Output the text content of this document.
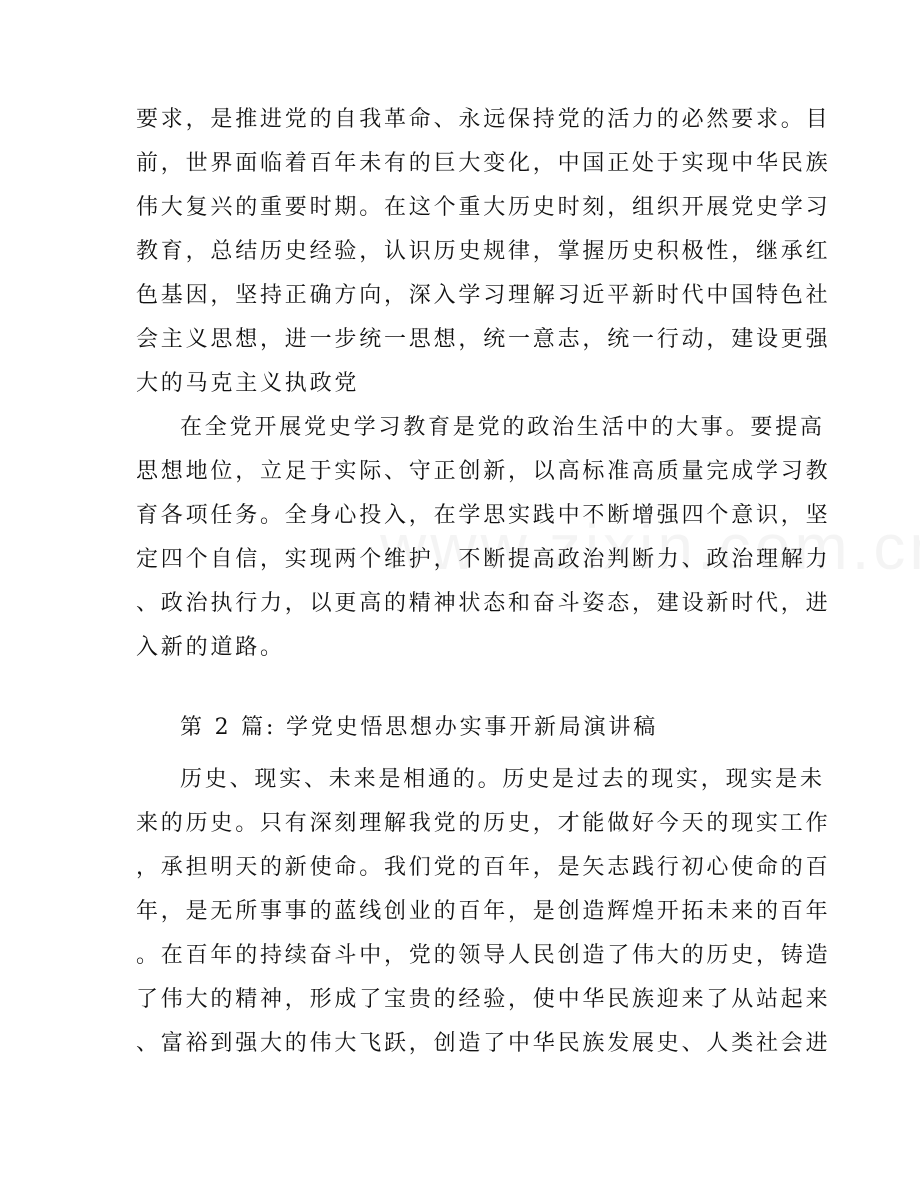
要求，是推进党的自我革命、永远保持党的活力的必然要求。目
前，世界面临着百年未有的巨大变化，中国正处于实现中华民族
伟大复兴的重要时期。在这个重大历史时刻，组织开展党史学习
教育，总结历史经验，认识历史规律，掌握历史积极性，继承红
色基因，坚持正确方向，深入学习理解习近平新时代中国特色社
会主义思想，进一步统一思想，统一意志，统一行动，建设更强
大的马克主义执政党
在全党开展党史学习教育是党的政治生活中的大事。要提高
思想地位，立足于实际、守正创新，以高标准高质量完成学习教
育各项任务。全身心投入，在学思实践中不断增强四个意识，坚
定四个自信，实现两个维护，不断提高政治判断力、政治理解力
、政治执行力，以更高的精神状态和奋斗姿态，建设新时代，进
入新的道路。
第 2 篇: 学党史悟思想办实事开新局演讲稿
历史、现实、未来是相通的。历史是过去的现实，现实是未
来的历史。只有深刻理解我党的历史，才能做好今天的现实工作
，承担明天的新使命。我们党的百年，是矢志践行初心使命的百
年，是无所事事的蓝线创业的百年，是创造辉煌开拓未来的百年
。在百年的持续奋斗中，党的领导人民创造了伟大的历史，铸造
了伟大的精神，形成了宝贵的经验，使中华民族迎来了从站起来
、富裕到强大的伟大飞跃，创造了中华民族发展史、人类社会进
